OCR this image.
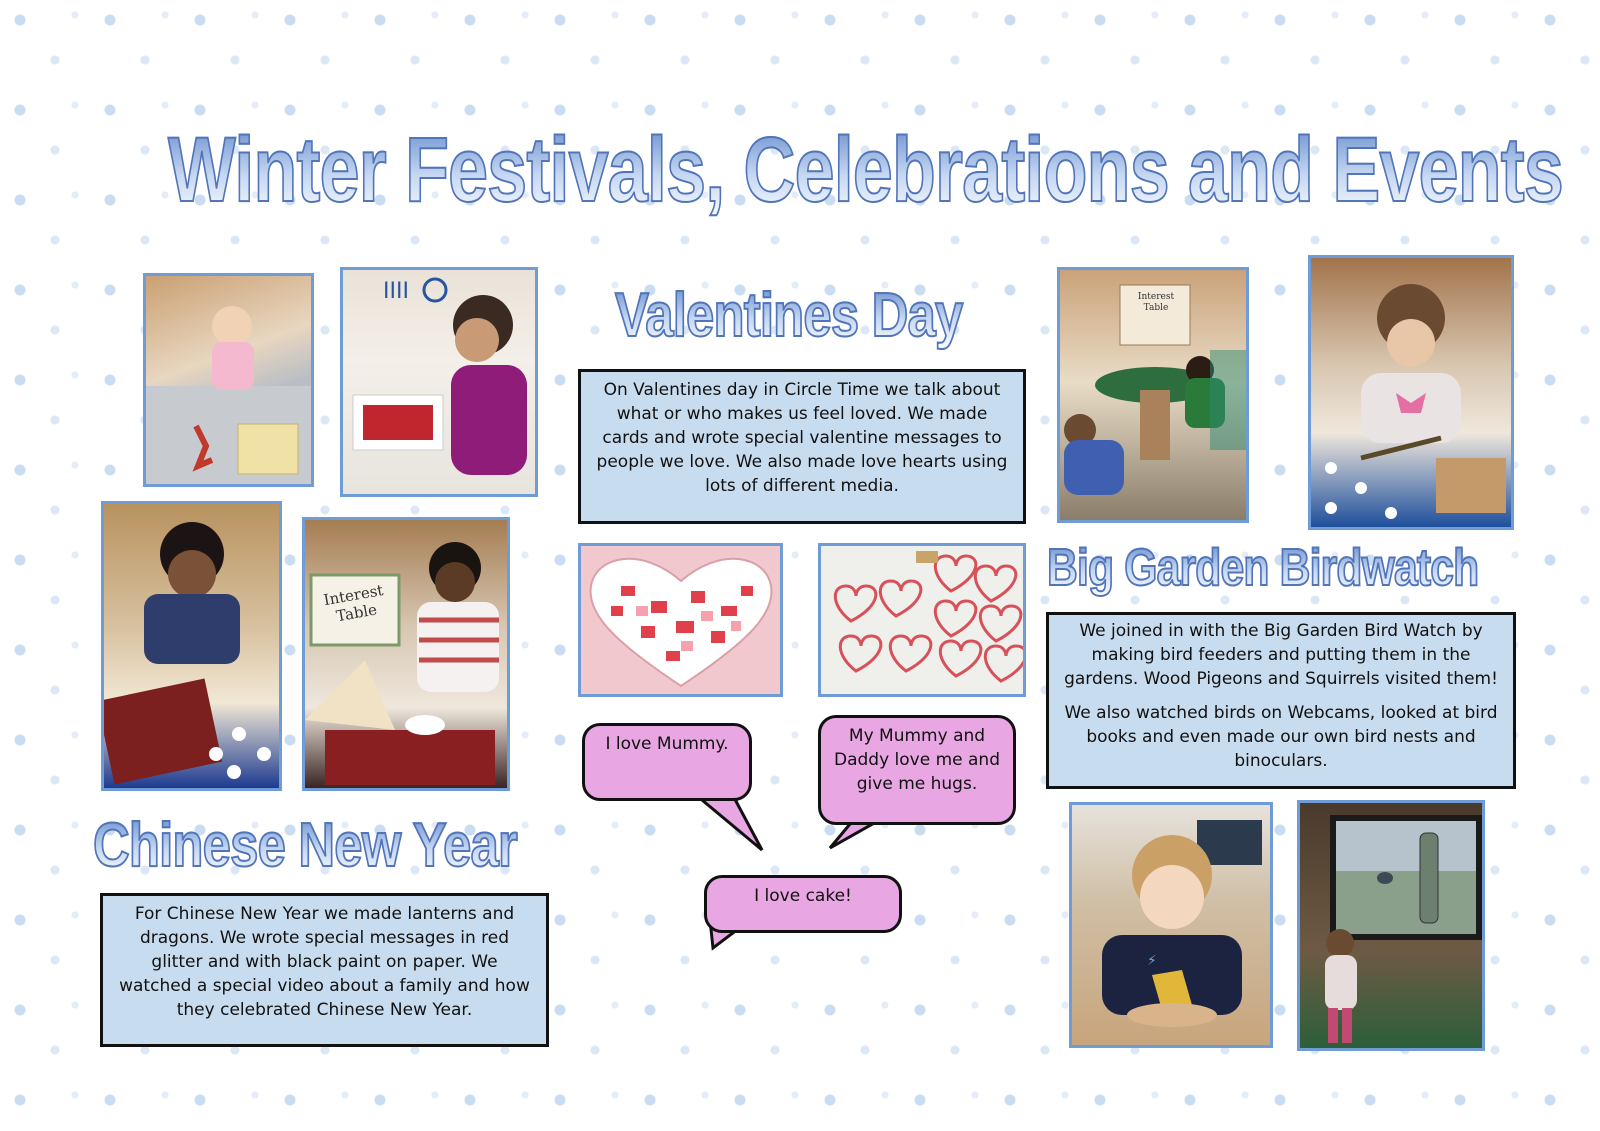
Winter Festivals, Celebrations and Events
IIII
Interest Table
Chinese New Year
For Chinese New Year we made lanterns and dragons. We wrote special messages in red glitter and with black paint on paper. We watched a special video about a family and how they celebrated Chinese New Year.
Valentines Day
On Valentines day in Circle Time we talk about what or who makes us feel loved. We made cards and wrote special valentine messages to people we love. We also made love hearts using lots of different media.
I love Mummy.	My Mummy and Daddy love me and give me hugs.
I love cake!
Interest Table
Big Garden Birdwatch

We joined in with the Big Garden Bird Watch by making bird feeders and putting them in the gardens. Wood Pigeons and Squirrels visited them!

We also watched birds on Webcams, looked at bird books and even made our own bird nests and binoculars.

⚡
